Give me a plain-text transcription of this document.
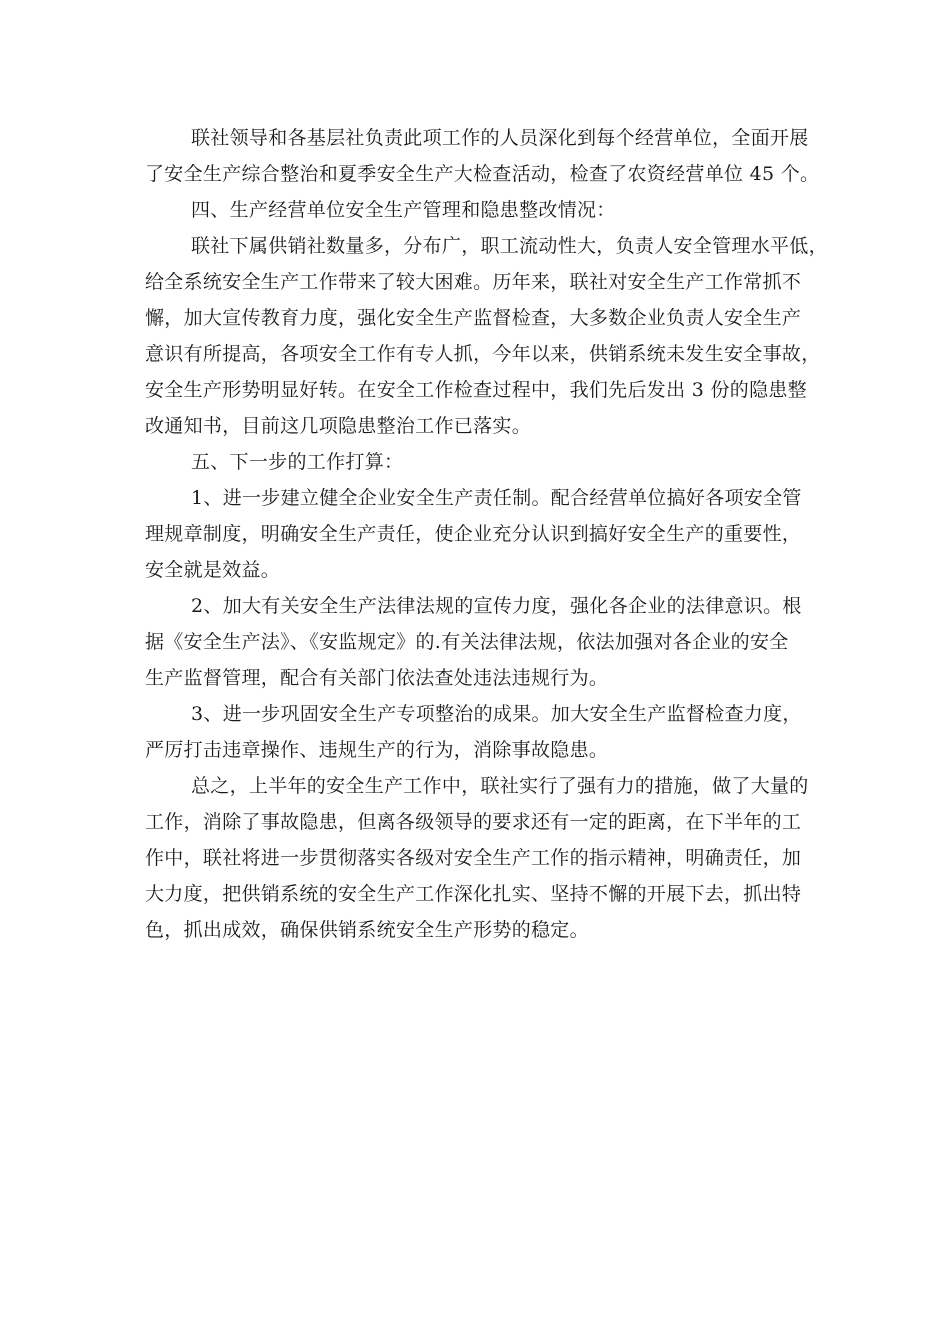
联社领导和各基层社负责此项工作的人员深化到每个经营单位，全面开展
了安全生产综合整治和夏季安全生产大检查活动，检查了农资经营单位 45 个。
四、生产经营单位安全生产管理和隐患整改情况：
联社下属供销社数量多，分布广，职工流动性大，负责人安全管理水平低，
给全系统安全生产工作带来了较大困难。历年来，联社对安全生产工作常抓不
懈，加大宣传教育力度，强化安全生产监督检查，大多数企业负责人安全生产
意识有所提高，各项安全工作有专人抓，今年以来，供销系统未发生安全事故，
安全生产形势明显好转。在安全工作检查过程中，我们先后发出 3 份的隐患整
改通知书，目前这几项隐患整治工作已落实。
五、下一步的工作打算：
1、进一步建立健全企业安全生产责任制。配合经营单位搞好各项安全管
理规章制度，明确安全生产责任，使企业充分认识到搞好安全生产的重要性，
安全就是效益。
2、加大有关安全生产法律法规的宣传力度，强化各企业的法律意识。根
据《安全生产法》、《安监规定》的.有关法律法规，依法加强对各企业的安全
生产监督管理，配合有关部门依法查处违法违规行为。
3、进一步巩固安全生产专项整治的成果。加大安全生产监督检查力度，
严厉打击违章操作、违规生产的行为，消除事故隐患。
总之，上半年的安全生产工作中，联社实行了强有力的措施，做了大量的
工作，消除了事故隐患，但离各级领导的要求还有一定的距离，在下半年的工
作中，联社将进一步贯彻落实各级对安全生产工作的指示精神，明确责任，加
大力度，把供销系统的安全生产工作深化扎实、坚持不懈的开展下去，抓出特
色，抓出成效，确保供销系统安全生产形势的稳定。
